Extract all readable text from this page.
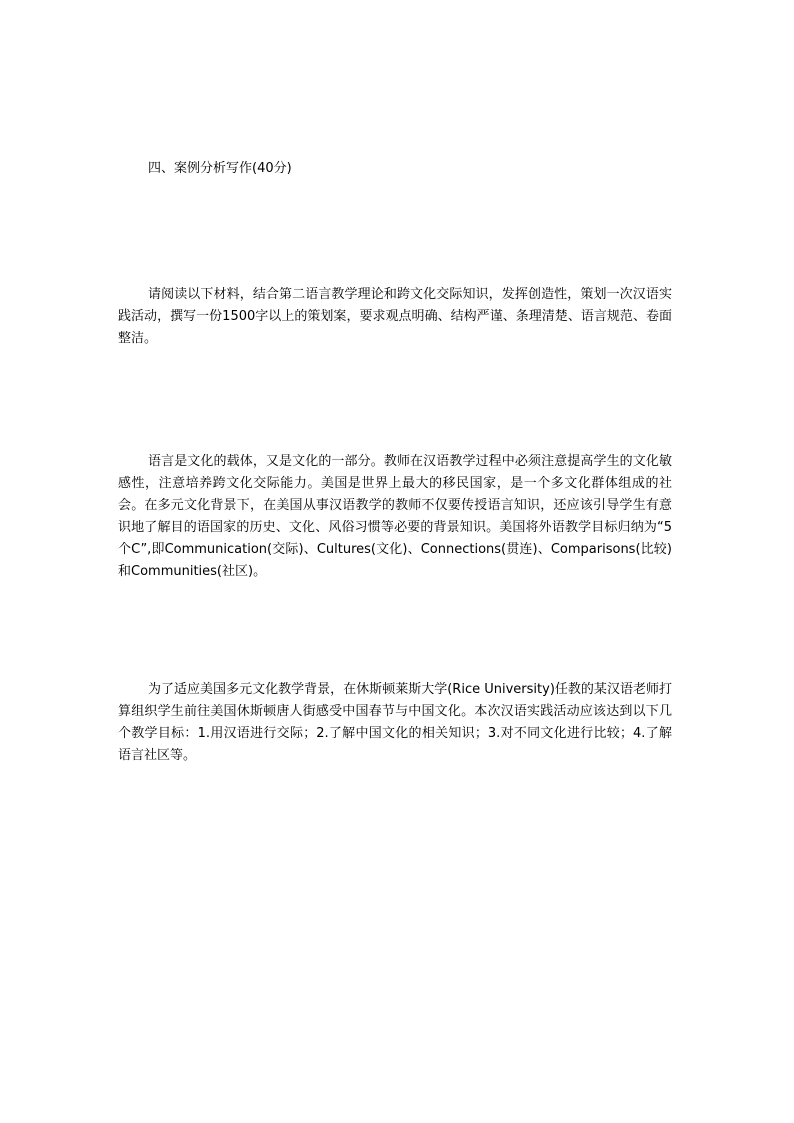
四、案例分析写作(40分)

请阅读以下材料，结合第二语言教学理论和跨文化交际知识，发挥创造性，策划一次汉语实践活动，撰写一份1500字以上的策划案，要求观点明确、结构严谨、条理清楚、语言规范、卷面整洁。

语言是文化的载体，又是文化的一部分。教师在汉语教学过程中必须注意提高学生的文化敏感性，注意培养跨文化交际能力。美国是世界上最大的移民国家，是一个多文化群体组成的社会。在多元文化背景下，在美国从事汉语教学的教师不仅要传授语言知识，还应该引导学生有意识地了解目的语国家的历史、文化、风俗习惯等必要的背景知识。美国将外语教学目标归纳为“5个C”,即Communication(交际)、Cultures(文化)、Connections(贯连)、Comparisons(比较)和Communities(社区)。

为了适应美国多元文化教学背景，在休斯顿莱斯大学(Rice University)任教的某汉语老师打算组织学生前往美国休斯顿唐人街感受中国春节与中国文化。本次汉语实践活动应该达到以下几个教学目标：1.用汉语进行交际；2.了解中国文化的相关知识；3.对不同文化进行比较；4.了解语言社区等。
